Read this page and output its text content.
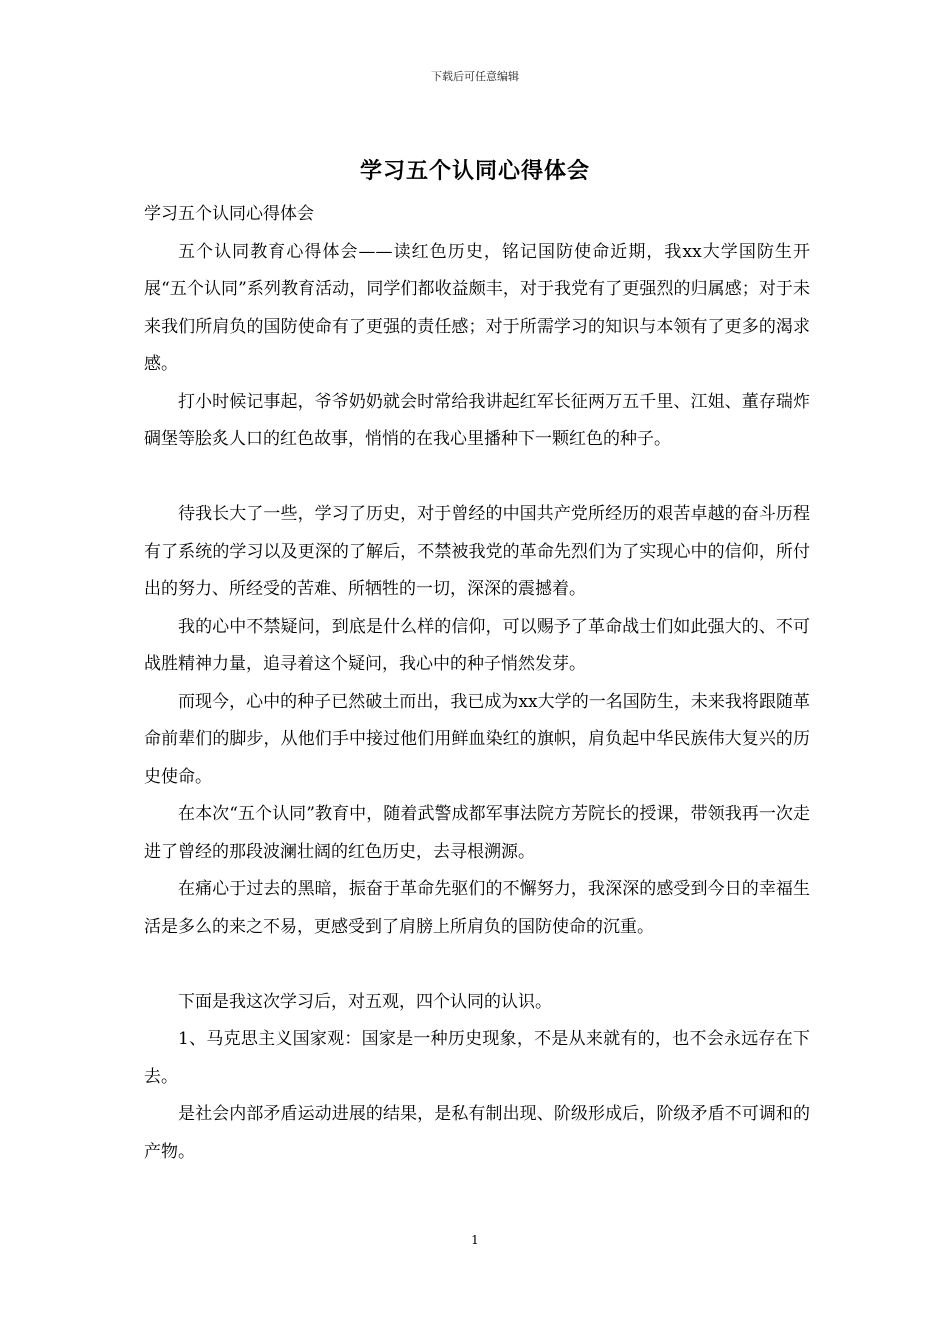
下载后可任意编辑
学习五个认同心得体会

学习五个认同心得体会

五个认同教育心得体会——读红色历史，铭记国防使命近期，我xx大学国防生开展“五个认同”系列教育活动，同学们都收益颇丰，对于我党有了更强烈的归属感；对于未来我们所肩负的国防使命有了更强的责任感；对于所需学习的知识与本领有了更多的渴求感。

打小时候记事起，爷爷奶奶就会时常给我讲起红军长征两万五千里、江姐、董存瑞炸碉堡等脍炙人口的红色故事，悄悄的在我心里播种下一颗红色的种子。

待我长大了一些，学习了历史，对于曾经的中国共产党所经历的艰苦卓越的奋斗历程有了系统的学习以及更深的了解后，不禁被我党的革命先烈们为了实现心中的信仰，所付出的努力、所经受的苦难、所牺牲的一切，深深的震撼着。

我的心中不禁疑问，到底是什么样的信仰，可以赐予了革命战士们如此强大的、不可战胜精神力量，追寻着这个疑问，我心中的种子悄然发芽。

而现今，心中的种子已然破土而出，我已成为xx大学的一名国防生，未来我将跟随革命前辈们的脚步，从他们手中接过他们用鲜血染红的旗帜，肩负起中华民族伟大复兴的历史使命。

在本次“五个认同”教育中，随着武警成都军事法院方芳院长的授课，带领我再一次走进了曾经的那段波澜壮阔的红色历史，去寻根溯源。

在痛心于过去的黑暗，振奋于革命先驱们的不懈努力，我深深的感受到今日的幸福生活是多么的来之不易，更感受到了肩膀上所肩负的国防使命的沉重。

下面是我这次学习后，对五观，四个认同的认识。

1、马克思主义国家观：国家是一种历史现象，不是从来就有的，也不会永远存在下去。

是社会内部矛盾运动进展的结果，是私有制出现、阶级形成后，阶级矛盾不可调和的产物。

1
